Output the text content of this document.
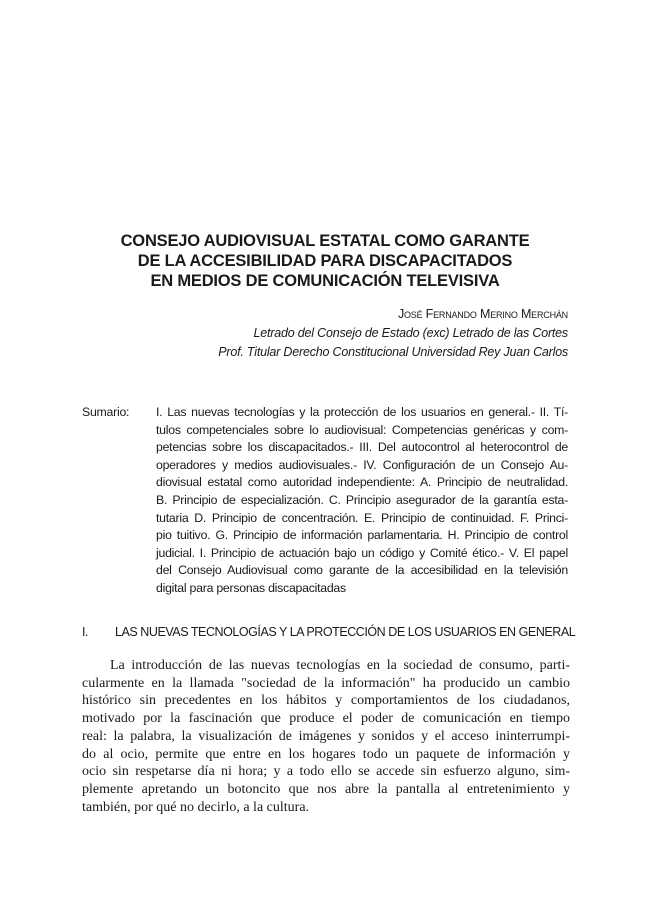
CONSEJO AUDIOVISUAL ESTATAL COMO GARANTE
DE LA ACCESIBILIDAD PARA DISCAPACITADOS
EN MEDIOS DE COMUNICACIÓN TELEVISIVA
José Fernando Merino Merchán
Letrado del Consejo de Estado (exc) Letrado de las Cortes
Prof. Titular Derecho Constitucional Universidad Rey Juan Carlos
Sumario: I. Las nuevas tecnologías y la protección de los usuarios en general.- II. Tí-
tulos competenciales sobre lo audiovisual: Competencias genéricas y com-
petencias sobre los discapacitados.- III. Del autocontrol al heterocontrol de
operadores y medios audiovisuales.- IV. Configuración de un Consejo Au-
diovisual estatal como autoridad independiente: A. Principio de neutralidad.
B. Principio de especialización. C. Principio asegurador de la garantía esta-
tutaria D. Principio de concentración. E. Principio de continuidad. F. Princi-
pio tuitivo. G. Principio de información parlamentaria. H. Principio de control
judicial. I. Principio de actuación bajo un código y Comité ético.- V. El papel
del Consejo Audiovisual como garante de la accesibilidad en la televisión
digital para personas discapacitadas
I. LAS NUEVAS TECNOLOGÍAS Y LA PROTECCIÓN DE LOS USUARIOS EN GENERAL
La introducción de las nuevas tecnologías en la sociedad de consumo, parti-
cularmente en la llamada "sociedad de la información" ha producido un cambio
histórico sin precedentes en los hábitos y comportamientos de los ciudadanos,
motivado por la fascinación que produce el poder de comunicación en tiempo
real: la palabra, la visualización de imágenes y sonidos y el acceso ininterrumpi-
do al ocio, permite que entre en los hogares todo un paquete de información y
ocio sin respetarse día ni hora; y a todo ello se accede sin esfuerzo alguno, sim-
plemente apretando un botoncito que nos abre la pantalla al entretenimiento y
también, por qué no decirlo, a la cultura.
